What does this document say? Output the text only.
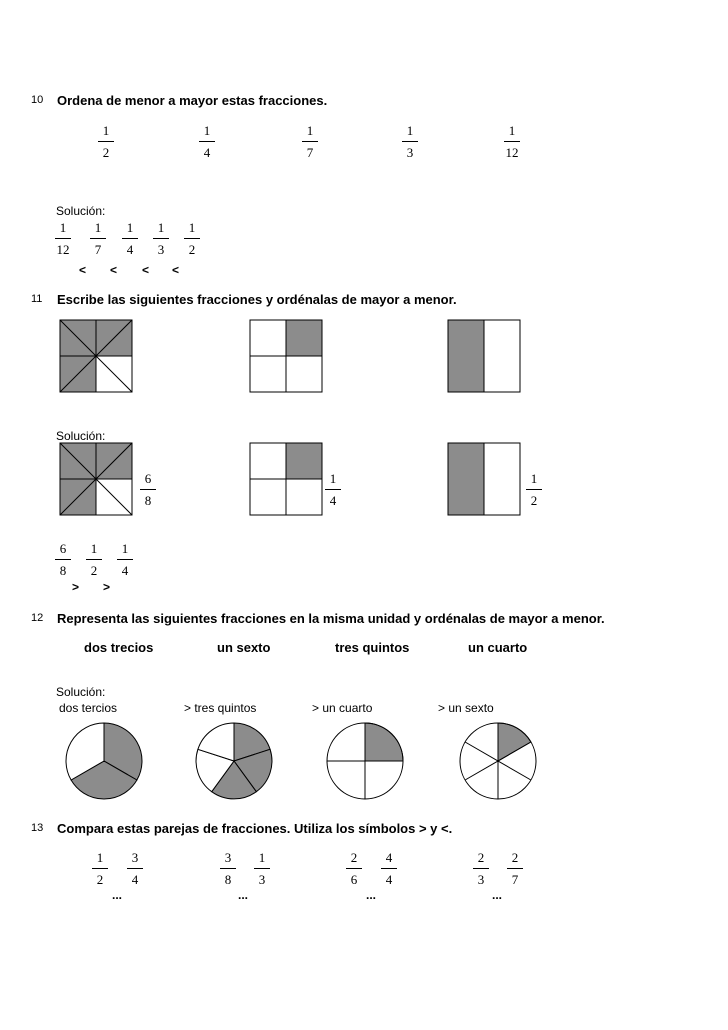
10 Ordena de menor a mayor estas fracciones.
1
2
1
4
1
7
1
3
1
12
Solución:
1
12
1
7
1
4
1
3
1
2
< < < <
11 Escribe las siguientes fracciones y ordénalas de mayor a menor.
Solución:
6
8
1
4
1
2
6
8
1
2
1
4
> >
12 Representa las siguientes fracciones en la misma unidad y ordénalas de mayor a menor.
dos trecios	un sexto	tres quintos	un cuarto
Solución:
dos tercios	> tres quintos	> un cuarto	> un sexto
13 Compara estas parejas de fracciones. Utiliza los símbolos > y <.
1
2
3
4
...
3
8
1
3
...
2
6
4
4
...
2
3
2
7
...
